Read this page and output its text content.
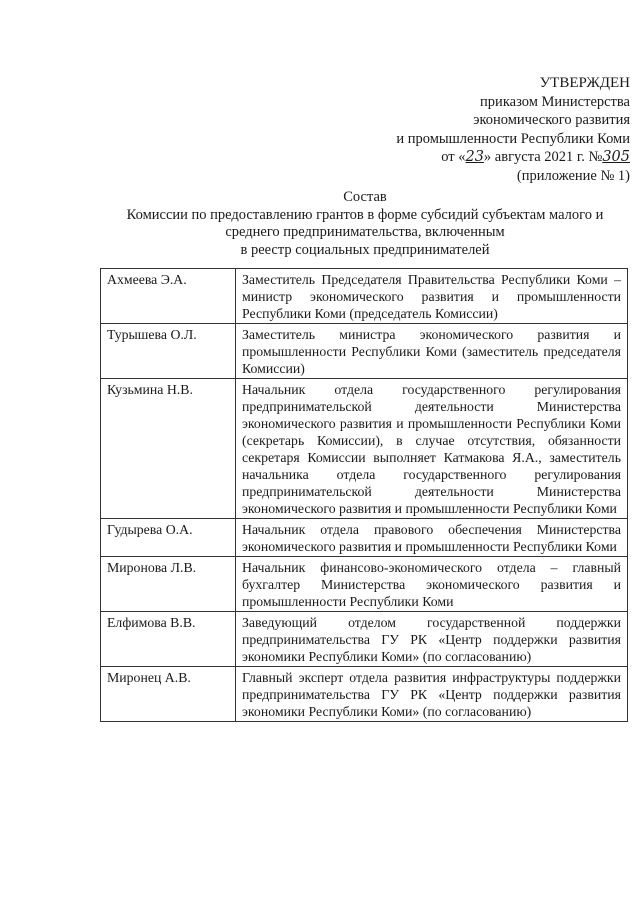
УТВЕРЖДЕН
приказом Министерства
экономического развития
и промышленности Республики Коми
от «23» августа 2021 г. №305
(приложение № 1)
Состав
Комиссии по предоставлению грантов в форме субсидий субъектам малого и
среднего предпринимательства, включенным
в реестр социальных предпринимателей
Ахмеева Э.А.	Заместитель Председателя Правительства Республики Коми – министр экономического развития и промышленности Республики Коми (председатель Комиссии)

Турышева О.Л.	Заместитель министра экономического развития и промышленности Республики Коми (заместитель председателя Комиссии)

Кузьмина Н.В.	Начальник отдела государственного регулирования предпринимательской деятельности Министерства экономического развития и промышленности Республики Коми (секретарь Комиссии), в случае отсутствия, обязанности секретаря Комиссии выполняет Катмакова Я.А., заместитель начальника отдела государственного регулирования предпринимательской деятельности Министерства экономического развития и промышленности Республики Коми

Гудырева О.А.	Начальник отдела правового обеспечения Министерства экономического развития и промышленности Республики Коми

Миронова Л.В.	Начальник финансово-экономического отдела – главный бухгалтер Министерства экономического развития и промышленности Республики Коми

Елфимова В.В.	Заведующий отделом государственной поддержки предпринимательства ГУ РК «Центр поддержки развития экономики Республики Коми» (по согласованию)

Миронец А.В.	Главный эксперт отдела развития инфраструктуры поддержки предпринимательства ГУ РК «Центр поддержки развития экономики Республики Коми» (по согласованию)
